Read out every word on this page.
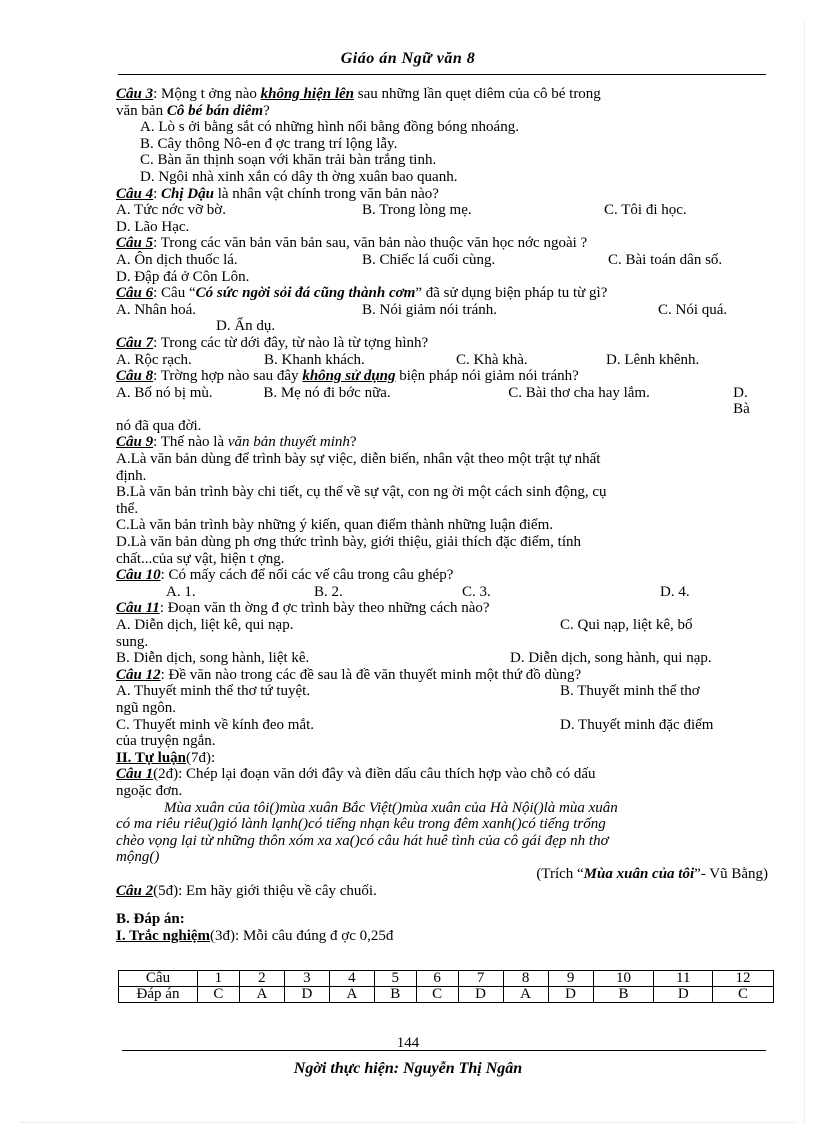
Giáo án Ngữ văn 8

Câu 3: Mộng t ởng nào không hiện lên sau những lần quẹt diêm của cô bé trong

văn bản Cô bé bán diêm?

A. Lò s ởi bằng sắt có những hình nổi bằng đồng bóng nhoáng.

B. Cây thông Nô-en đ ợc trang trí lộng lẫy.

C. Bàn ăn thịnh soạn với khăn trải bàn trắng tinh.

D. Ngôi nhà xinh xắn có dây th ờng xuân bao quanh.

Câu 4: Chị Dậu là nhân vật chính trong văn bản nào?

A. Tức nớc vỡ bờ.	B. Trong lòng mẹ.	C. Tôi đi học.

D. Lão Hạc.

Câu 5: Trong các văn bản văn bản sau, văn bản nào thuộc văn học nớc ngoài ?

A. Ôn dịch thuốc lá.	B. Chiếc lá cuối cùng.	C. Bài toán dân số.

D. Đập đá ở Côn Lôn.

Câu 6: Câu “Có sức ngời sỏi đá cũng thành cơm” đã sử dụng biện pháp tu từ gì?

A. Nhân hoá.	B. Nói giảm nói tránh.	C. Nói quá.

D. Ẩn dụ.

Câu 7: Trong các từ dới đây, từ nào là từ tợng hình?

A. Rộc rạch.	B. Khanh khách.	C. Khà khà.	D. Lênh khênh.

Câu 8: Trờng hợp nào sau đây không sử dụng biện pháp nói giảm nói tránh?

A. Bố nó bị mù.	B. Mẹ nó đi bớc nữa.	C. Bài thơ cha hay lắm.	D. Bà

nó đã qua đời.

Câu 9: Thế nào là văn bản thuyết minh?

A.Là văn bản dùng để trình bày sự việc, diễn biến, nhân vật theo một trật tự nhất

định.

B.Là văn bản trình bày chi tiết, cụ thể về sự vật, con ng ời một cách sinh động, cụ

thể.

C.Là văn bản trình bày những ý kiến, quan điểm thành những luận điểm.

D.Là văn bản dùng ph ơng thức trình bày, giới thiệu, giải thích đặc điểm, tính

chất...của sự vật, hiện t ợng.

Câu 10: Có mấy cách để nối các vế câu trong câu ghép?

A. 1.	B. 2.	C. 3.	D. 4.

Câu 11: Đoạn văn th ờng đ ợc trình bày theo những cách nào?

A. Diễn dịch, liệt kê, qui nạp.	C. Qui nạp, liệt kê, bổ

sung.

B. Diễn dịch, song hành, liệt kê.	D. Diễn dịch, song hành, qui nạp.

Câu 12: Đề văn nào trong các đề sau là đề văn thuyết minh một thứ đồ dùng?

A. Thuyết minh thể thơ tứ tuyệt.	B. Thuyết minh thể thơ

ngũ ngôn.

C. Thuyết minh về kính đeo mắt.	D. Thuyết minh đặc điểm

của truyện ngắn.

II. Tự luận(7đ):

Câu 1(2đ): Chép lại đoạn văn dới đây và điền dấu câu thích hợp vào chỗ có dấu

ngoặc đơn.

Mùa xuân của tôi()mùa xuân Bắc Việt()mùa xuân của Hà Nội()là mùa xuân

có ma riêu riêu()gió lành lạnh()có tiếng nhạn kêu trong đêm xanh()có tiếng trống

chèo vọng lại từ những thôn xóm xa xa()có câu hát huê tình của cô gái đẹp nh thơ

mộng()

(Trích “Mùa xuân của tôi”- Vũ Bằng)

Câu 2(5đ): Em hãy giới thiệu về cây chuối.

B. Đáp án:

I. Trắc nghiệm(3đ): Mỗi câu đúng đ ợc 0,25đ

Câu	1	2	3	4	5	6	7	8	9	10	11	12
Đáp án	C	A	D	A	B	C	D	A	D	B	D	C
144
Ngời thực hiện: Nguyễn Thị Ngân
